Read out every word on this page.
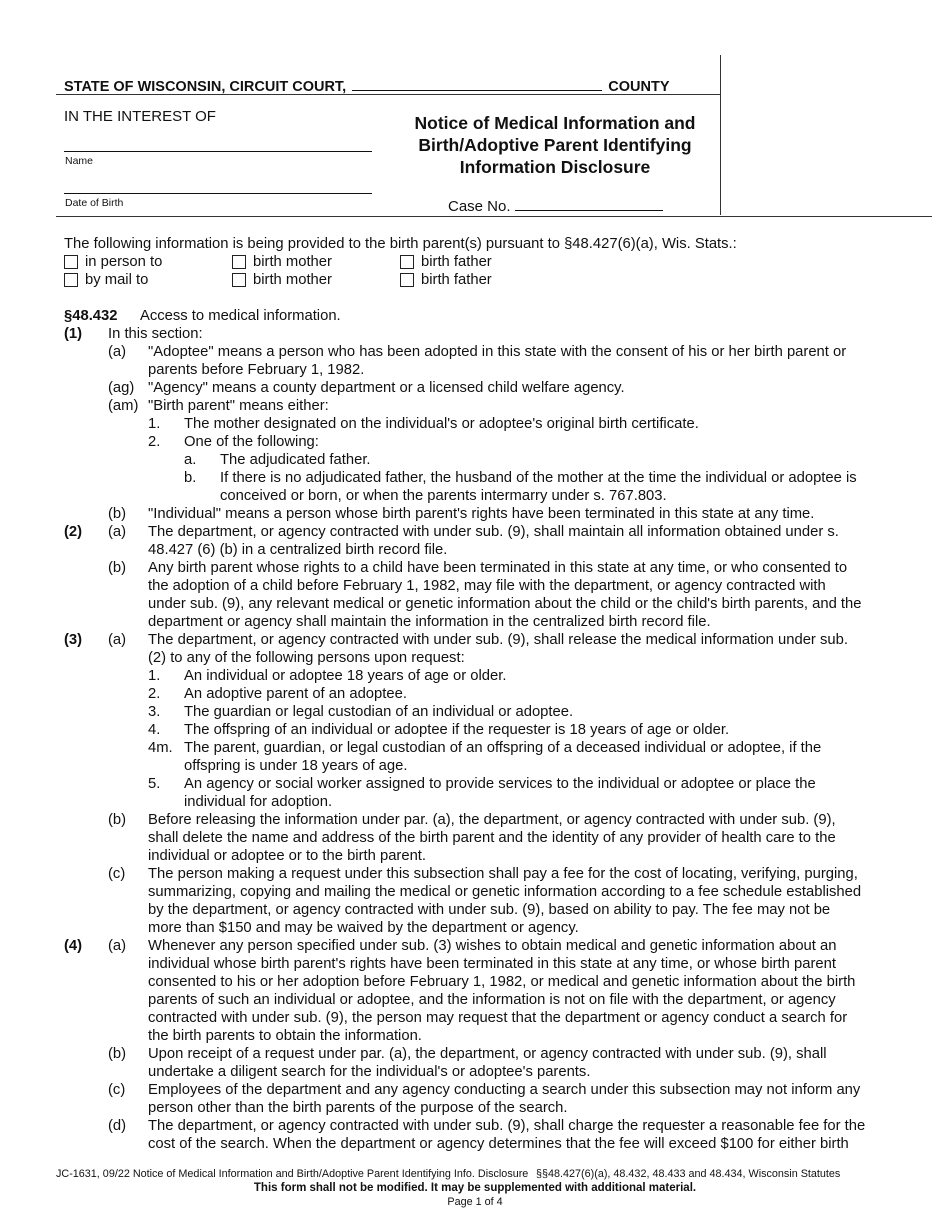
STATE OF WISCONSIN, CIRCUIT COURT,	COUNTY
IN THE INTEREST OF
Name
Date of Birth
Notice of Medical Information and
Birth/Adoptive Parent Identifying
Information Disclosure
Case No.
The following information is being provided to the birth parent(s) pursuant to §48.427(6)(a), Wis. Stats.:
in person to	birth mother	birth father
by mail to	birth mother	birth father
§48.432 Access to medical information.
(1) In this section:
(a) "Adoptee" means a person who has been adopted in this state with the consent of his or her birth parent or
parents before February 1, 1982.
(ag) "Agency" means a county department or a licensed child welfare agency.
(am) "Birth parent" means either:
1. The mother designated on the individual's or adoptee's original birth certificate.
2. One of the following:
a. The adjudicated father.
b. If there is no adjudicated father, the husband of the mother at the time the individual or adoptee is
conceived or born, or when the parents intermarry under s. 767.803.
(b) "Individual" means a person whose birth parent's rights have been terminated in this state at any time.
(2) (a) The department, or agency contracted with under sub. (9), shall maintain all information obtained under s.
48.427 (6) (b) in a centralized birth record file.
(b) Any birth parent whose rights to a child have been terminated in this state at any time, or who consented to
the adoption of a child before February 1, 1982, may file with the department, or agency contracted with
under sub. (9), any relevant medical or genetic information about the child or the child's birth parents, and the
department or agency shall maintain the information in the centralized birth record file.
(3) (a) The department, or agency contracted with under sub. (9), shall release the medical information under sub.
(2) to any of the following persons upon request:
1. An individual or adoptee 18 years of age or older.
2. An adoptive parent of an adoptee.
3. The guardian or legal custodian of an individual or adoptee.
4. The offspring of an individual or adoptee if the requester is 18 years of age or older.
4m. The parent, guardian, or legal custodian of an offspring of a deceased individual or adoptee, if the
offspring is under 18 years of age.
5. An agency or social worker assigned to provide services to the individual or adoptee or place the
individual for adoption.
(b) Before releasing the information under par. (a), the department, or agency contracted with under sub. (9),
shall delete the name and address of the birth parent and the identity of any provider of health care to the
individual or adoptee or to the birth parent.
(c) The person making a request under this subsection shall pay a fee for the cost of locating, verifying, purging,
summarizing, copying and mailing the medical or genetic information according to a fee schedule established
by the department, or agency contracted with under sub. (9), based on ability to pay. The fee may not be
more than $150 and may be waived by the department or agency.
(4) (a) Whenever any person specified under sub. (3) wishes to obtain medical and genetic information about an
individual whose birth parent's rights have been terminated in this state at any time, or whose birth parent
consented to his or her adoption before February 1, 1982, or medical and genetic information about the birth
parents of such an individual or adoptee, and the information is not on file with the department, or agency
contracted with under sub. (9), the person may request that the department or agency conduct a search for
the birth parents to obtain the information.
(b) Upon receipt of a request under par. (a), the department, or agency contracted with under sub. (9), shall
undertake a diligent search for the individual's or adoptee's parents.
(c) Employees of the department and any agency conducting a search under this subsection may not inform any
person other than the birth parents of the purpose of the search.
(d) The department, or agency contracted with under sub. (9), shall charge the requester a reasonable fee for the
cost of the search. When the department or agency determines that the fee will exceed $100 for either birth
JC-1631, 09/22 Notice of Medical Information and Birth/Adoptive Parent Identifying Info. Disclosure §§48.427(6)(a), 48.432, 48.433 and 48.434, Wisconsin Statutes
This form shall not be modified. It may be supplemented with additional material.
Page 1 of 4
